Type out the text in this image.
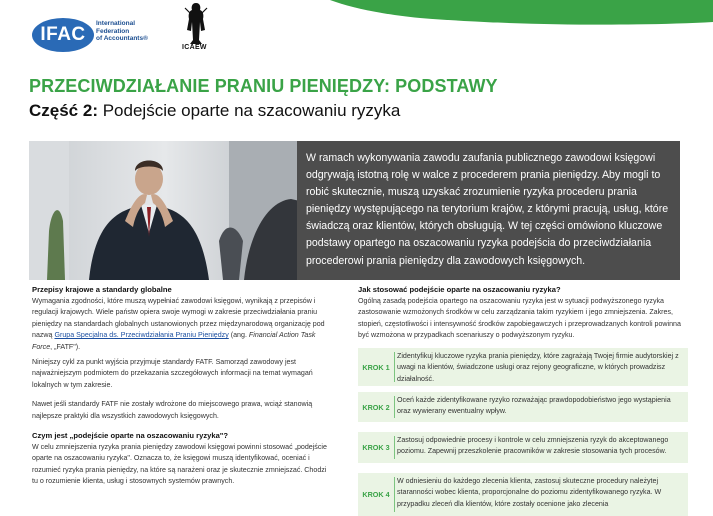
IFAC
International
Federation
of Accountants®
ICAEW
PRZECIWDZIAŁANIE PRANIU PIENIĘDZY: PODSTAWY
Część 2: Podejście oparte na szacowaniu ryzyka
W ramach wykonywania zawodu zaufania publicznego zawodowi księgowi odgrywają istotną rolę w walce z procederem prania pieniędzy. Aby mogli to robić skutecznie, muszą uzyskać zrozumienie ryzyka procederu prania pieniędzy występującego na terytorium krajów, z którymi pracują, usług, które świadczą oraz klientów, których obsługują. W tej części omówiono kluczowe podstawy opartego na oszacowaniu ryzyka podejścia do przeciwdziałania procederowi prania pieniędzy dla zawodowych księgowych.
Przepisy krajowe a standardy globalne

Wymagania zgodności, które muszą wypełniać zawodowi księgowi, wynikają z przepisów i regulacji krajowych. Wiele państw opiera swoje wymogi w zakresie przeciwdziałania praniu pieniędzy na standardach globalnych ustanowionych przez międzynarodową organizację pod nazwą Grupa Specjalna ds. Przeciwdziałania Praniu Pieniędzy (ang. Financial Action Task Force, „FATF").

Niniejszy cykl za punkt wyjścia przyjmuje standardy FATF. Samorząd zawodowy jest najważniejszym podmiotem do przekazania szczegółowych informacji na temat wymagań lokalnych w tym zakresie.

Nawet jeśli standardy FATF nie zostały wdrożone do miejscowego prawa, wciąż stanowią najlepsze praktyki dla wszystkich zawodowych księgowych.

Czym jest „podejście oparte na oszacowaniu ryzyka"?

W celu zmniejszenia ryzyka prania pieniędzy zawodowi księgowi powinni stosować „podejście oparte na oszacowaniu ryzyka". Oznacza to, że księgowi muszą identyfikować, oceniać i rozumieć ryzyka prania pieniędzy, na które są narażeni oraz je skutecznie zmniejszać. Chodzi tu o rozumienie klienta, usług i stosownych systemów prawnych.

Jak stosować podejście oparte na oszacowaniu ryzyka?

Ogólną zasadą podejścia opartego na oszacowaniu ryzyka jest w sytuacji podwyższonego ryzyka zastosowanie wzmożonych środków w celu zarządzania takim ryzykiem i jego zmniejszenia. Zakres, stopień, częstotliwości i intensywność środków zapobiegawczych i przeprowadzanych kontroli powinna być wzmożona w przypadkach scenariuszy o podwyższonym ryzyku.

KROK 1
Zidentyfikuj kluczowe ryzyka prania pieniędzy, które zagrażają Twojej firmie audytorskiej z uwagi na klientów, świadczone usługi oraz rejony geograficzne, w których prowadzisz działalność.
KROK 2
Oceń każde zidentyfikowane ryzyko rozważając prawdopodobieństwo jego wystąpienia oraz wywierany ewentualny wpływ.
KROK 3
Zastosuj odpowiednie procesy i kontrole w celu zmniejszenia ryzyk do akceptowanego poziomu. Zapewnij przeszkolenie pracowników w zakresie stosowania tych procesów.
KROK 4
W odniesieniu do każdego zlecenia klienta, zastosuj skuteczne procedury należytej staranności wobec klienta, proporcjonalne do poziomu zidentyfikowanego ryzyka. W przypadku zleceń dla klientów, które zostały ocenione jako zlecenia
